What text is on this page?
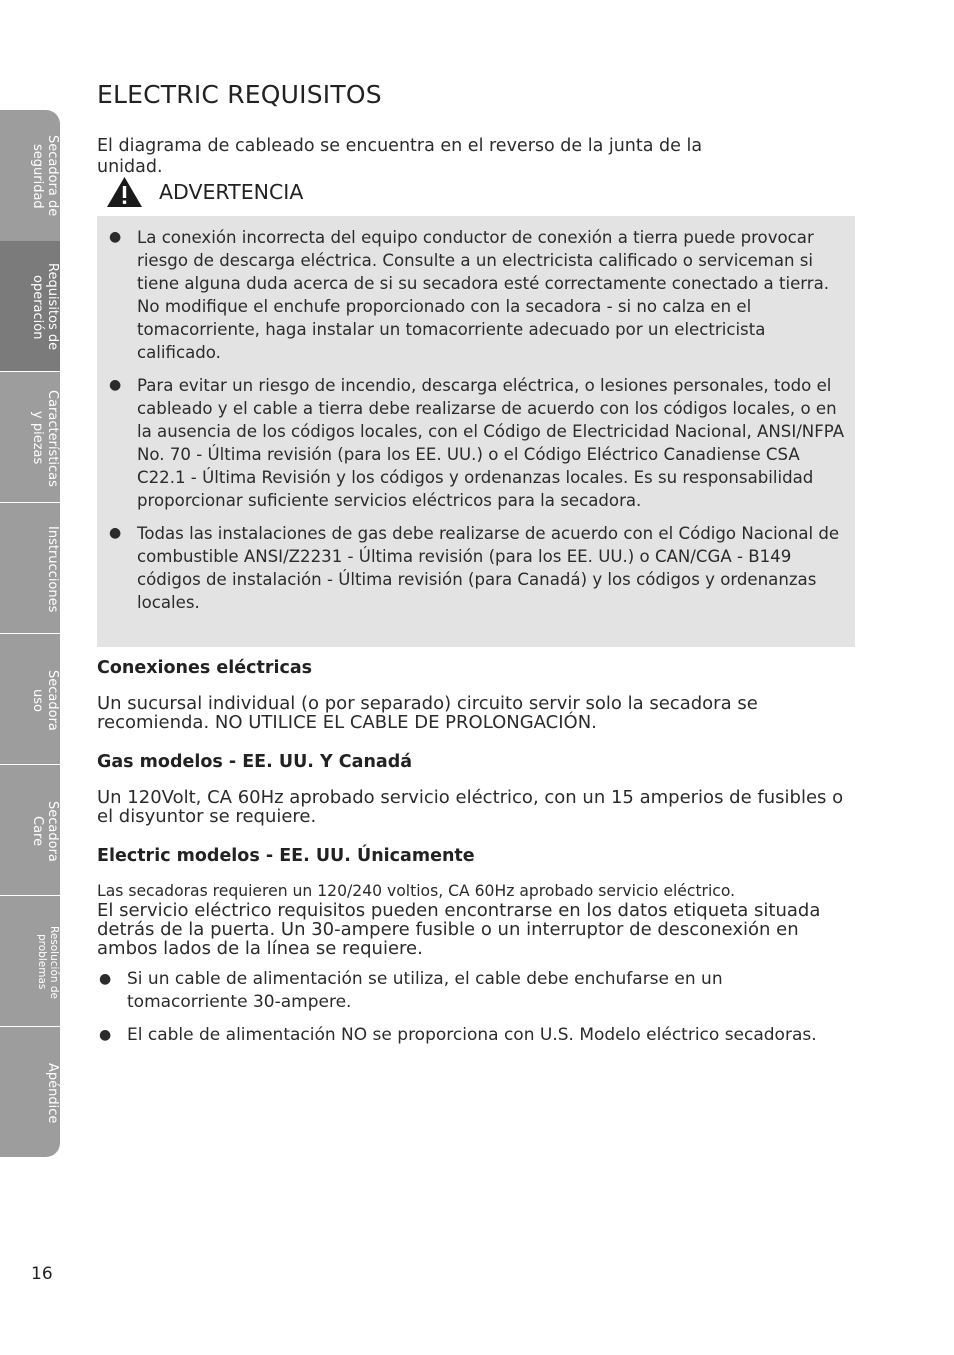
Secadora de
seguridad
Requisitos de
operación
Características
y piezas
Instrucciones
Secadora
uso
Secadora
Care
Resolución de
problemas
Apéndice
ELECTRIC REQUISITOS

El diagrama de cableado se encuentra en el reverso de la junta de la unidad.

ADVERTENCIA
● La conexión incorrecta del equipo conductor de conexión a tierra puede provocar riesgo de descarga eléctrica. Consulte a un electricista calificado o serviceman si tiene alguna duda acerca de si su secadora esté correctamente conectado a tierra. No modifique el enchufe proporcionado con la secadora - si no calza en el tomacorriente, haga instalar un tomacorriente adecuado por un electricista calificado.
● Para evitar un riesgo de incendio, descarga eléctrica, o lesiones personales, todo el cableado y el cable a tierra debe realizarse de acuerdo con los códigos locales, o en la ausencia de los códigos locales, con el Código de Electricidad Nacional, ANSI/NFPA No. 70 - Última revisión (para los EE. UU.) o el Código Eléctrico Canadiense CSA C22.1 - Última Revisión y los códigos y ordenanzas locales. Es su responsabilidad proporcionar suficiente servicios eléctricos para la secadora.
● Todas las instalaciones de gas debe realizarse de acuerdo con el Código Nacional de combustible ANSI/Z2231 - Última revisión (para los EE. UU.) o CAN/CGA - B149 códigos de instalación - Última revisión (para Canadá) y los códigos y ordenanzas locales.
Conexiones eléctricas

Un sucursal individual (o por separado) circuito servir solo la secadora se recomienda. NO UTILICE EL CABLE DE PROLONGACIÓN.

Gas modelos - EE. UU. Y Canadá

Un 120Volt, CA 60Hz aprobado servicio eléctrico, con un 15 amperios de fusibles o el disyuntor se requiere.

Electric modelos - EE. UU. Únicamente

Las secadoras requieren un 120/240 voltios, CA 60Hz aprobado servicio eléctrico.

El servicio eléctrico requisitos pueden encontrarse en los datos etiqueta situada detrás de la puerta. Un 30-ampere fusible o un interruptor de desconexión en ambos lados de la línea se requiere.

● Si un cable de alimentación se utiliza, el cable debe enchufarse en un tomacorriente 30-ampere.
● El cable de alimentación NO se proporciona con U.S. Modelo eléctrico secadoras.
16
